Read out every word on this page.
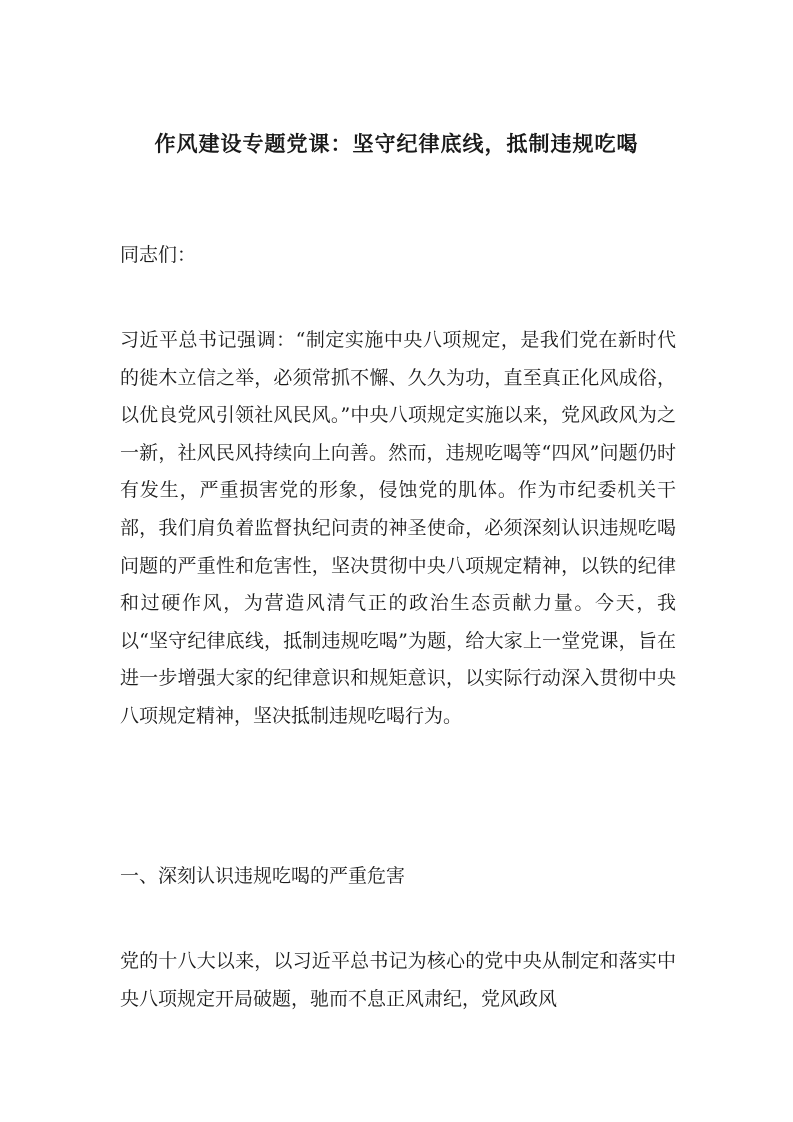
作风建设专题党课：坚守纪律底线，抵制违规吃喝
同志们：
习近平总书记强调：“制定实施中央八项规定，是我们党在新时代的徙木立信之举，必须常抓不懈、久久为功，直至真正化风成俗，以优良党风引领社风民风。”中央八项规定实施以来，党风政风为之一新，社风民风持续向上向善。然而，违规吃喝等“四风”问题仍时有发生，严重损害党的形象，侵蚀党的肌体。作为市纪委机关干部，我们肩负着监督执纪问责的神圣使命，必须深刻认识违规吃喝问题的严重性和危害性，坚决贯彻中央八项规定精神，以铁的纪律和过硬作风，为营造风清气正的政治生态贡献力量。今天，我以“坚守纪律底线，抵制违规吃喝”为题，给大家上一堂党课，旨在进一步增强大家的纪律意识和规矩意识，以实际行动深入贯彻中央八项规定精神，坚决抵制违规吃喝行为。
一、深刻认识违规吃喝的严重危害
党的十八大以来，以习近平总书记为核心的党中央从制定和落实中央八项规定开局破题，驰而不息正风肃纪，党风政风
